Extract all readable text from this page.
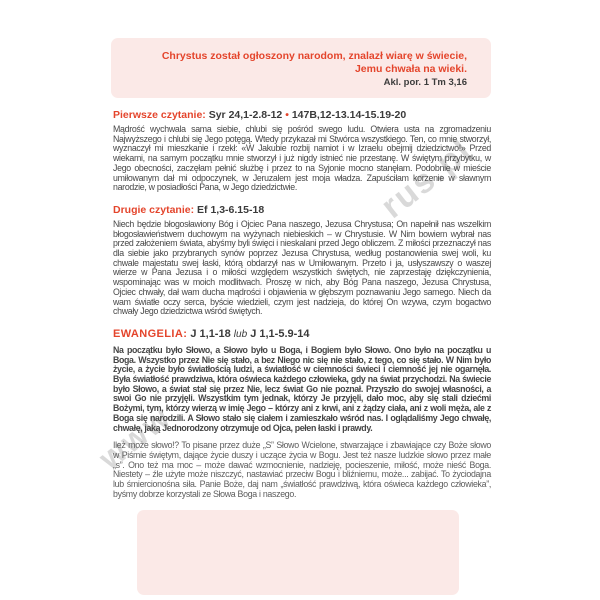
www
rus.pl
Chrystus został ogłoszony narodom, znalazł wiarę w świecie,
Jemu chwała na wieki.
Akl. por. 1 Tm 3,16
Pierwsze czytanie: Syr 24,1-2.8-12 • 147B,12-13.14-15.19-20

Mądrość wychwala sama siebie, chlubi się pośród swego ludu. Otwiera usta na zgromadzeniu Najwyższego i chlubi się Jego potęgą. Wtedy przykazał mi Stwórca wszystkiego. Ten, co mnie stworzył, wyznaczył mi mieszkanie i rzekł: «W Jakubie rozbij namiot i w Izraelu obejmij dziedzictwo!» Przed wiekami, na samym początku mnie stworzył i już nigdy istnieć nie przestanę. W świętym przybytku, w Jego obecności, zaczęłam pełnić służbę i przez to na Syjonie mocno stanęłam. Podobnie w mieście umiłowanym dał mi odpoczynek, w Jeruzalem jest moja władza. Zapuściłam korzenie w sławnym narodzie, w posiadłości Pana, w Jego dziedzictwie.

Drugie czytanie: Ef 1,3-6.15-18

Niech będzie błogosławiony Bóg i Ojciec Pana naszego, Jezusa Chrystusa; On napełnił nas wszelkim błogosławieństwem duchowym na wyżynach niebieskich – w Chrystusie. W Nim bowiem wybrał nas przed założeniem świata, abyśmy byli święci i nieskalani przed Jego obliczem. Z miłości przeznaczył nas dla siebie jako przybranych synów poprzez Jezusa Chrystusa, według postanowienia swej woli, ku chwale majestatu swej łaski, którą obdarzył nas w Umiłowanym. Przeto i ja, usłyszawszy o waszej wierze w Pana Jezusa i o miłości względem wszystkich świętych, nie zaprzestaję dziękczynienia, wspominając was w moich modlitwach. Proszę w nich, aby Bóg Pana naszego, Jezusa Chrystusa, Ojciec chwały, dał wam ducha mądrości i objawienia w głębszym poznawaniu Jego samego. Niech da wam światłe oczy serca, byście wiedzieli, czym jest nadzieja, do której On wzywa, czym bogactwo chwały Jego dziedzictwa wśród świętych.

EWANGELIA: J 1,1-18 lub J 1,1-5.9-14

Na początku było Słowo, a Słowo było u Boga, i Bogiem było Słowo. Ono było na początku u Boga. Wszystko przez Nie się stało, a bez Niego nic się nie stało, z tego, co się stało. W Nim było życie, a życie było światłością ludzi, a światłość w ciemności świeci i ciemność jej nie ogarnęła. Była światłość prawdziwa, która oświeca każdego człowieka, gdy na świat przychodzi. Na świecie było Słowo, a świat stał się przez Nie, lecz świat Go nie poznał. Przyszło do swojej własności, a swoi Go nie przyjęli. Wszystkim tym jednak, którzy Je przyjęli, dało moc, aby się stali dziećmi Bożymi, tym, którzy wierzą w imię Jego – którzy ani z krwi, ani z żądzy ciała, ani z woli męża, ale z Boga się narodzili. A Słowo stało się ciałem i zamieszkało wśród nas. I oglądaliśmy Jego chwałę, chwałę, jaką Jednorodzony otrzymuje od Ojca, pełen łaski i prawdy.

Ileż może słowo!? To pisane przez duże „S” Słowo Wcielone, stwarzające i zbawiające czy Boże słowo w Piśmie świętym, dające życie duszy i uczące życia w Bogu. Jest też nasze ludzkie słowo przez małe „s”. Ono też ma moc – może dawać wzmocnienie, nadzieję, pocieszenie, miłość, może nieść Boga. Niestety – źle użyte może niszczyć, nastawiać przeciw Bogu i bliźniemu, może... zabijać. To życiodajna lub śmiercionośna siła. Panie Boże, daj nam „światłość prawdziwą, która oświeca każdego człowieka”, byśmy dobrze korzystali ze Słowa Boga i naszego.
